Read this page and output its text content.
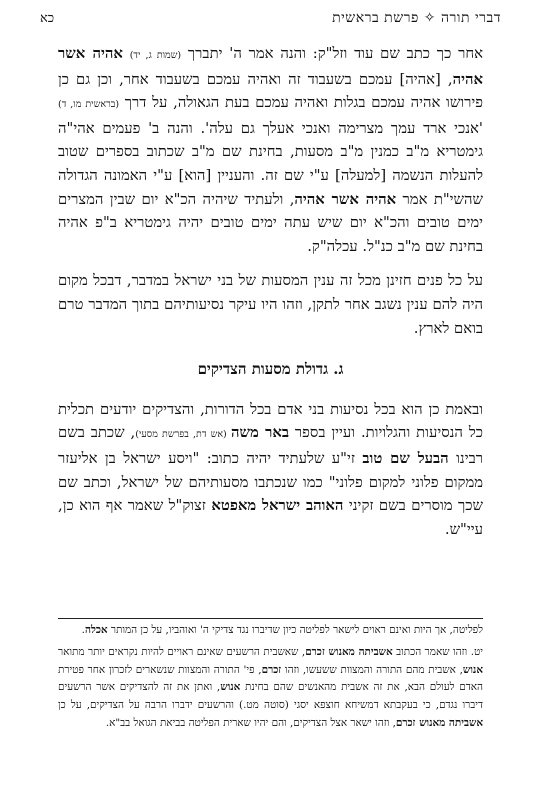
דברי תורה ✧ פרשת בראשית
כא

אחר כך כתב שם עוד וזל"ק: והנה אמר ה' יתברך (שמות ג, יד) אהיה אשר אהיה, [אהיה] עמכם בשעבוד זה ואהיה עמכם בשעבוד אחר, וכן גם כן פירושו אהיה עמכם בגלות ואהיה עמכם בעת הגאולה, על דרך (בראשית מו, ד) 'אנכי ארד עמך מצרימה ואנכי אעלך גם עלה'. והנה ב' פעמים אהי"ה גימטריא מ"ב כמנין מ"ב מסעות, בחינת שם מ"ב שכתוב בספרים שטוב להעלות הנשמה [למעלה] ע"י שם זה. והעניין [הוא] ע"י האמונה הגדולה שהשי"ת אמר אהיה אשר אהיה, ולעתיד שיהיה הכ"א יום שבין המצרים ימים טובים והכ"א יום שיש עתה ימים טובים יהיה גימטריא ב"פ אהיה בחינת שם מ"ב כנ"ל. עכלה"ק.

על כל פנים חזינן מכל זה ענין המסעות של בני ישראל במדבר, דבכל מקום היה להם ענין נשגב אחר לתקן, וזהו היו עיקר נסיעותיהם בתוך המדבר טרם בואם לארץ.

ג. גדולת מסעות הצדיקים

ובאמת כן הוא בכל נסיעות בני אדם בכל הדורות, והצדיקים יודעים תכלית כל הנסיעות והגלויות. ועיין בספר באר משה (אש דת, בפרשת מסעי), שכתב בשם רבינו הבעל שם טוב זי"ע שלעתיד יהיה כתוב: "ויסע ישראל בן אליעזר ממקום פלוני למקום פלוני" כמו שנכתבו מסעותיהם של ישראל, וכתב שם שכך מוסרים בשם זקיני האוהב ישראל מאפטא זצוק"ל שאמר אף הוא כן, עיי"ש.

לפליטה, אך היות ואינם ראוים לישאר לפליטה כיון שדיברו נגד צדיקי ה' ואוהביו, על כן המותר אכלה.

יט. וזהו שאמר הכתוב אשביתה מאנוש זכרם, שאשבית הרשעים שאינם ראויים להיות נקראים יותר מתואר אנוש, אשבית מהם התורה והמצוות ששעשו, וזהו זכרם, פי' התורה והמצוות שנשארים לזכרון אחר פטירת האדם לעולם הבא, את זה אשבית מהאנשים שהם בחינת אנוש, ואתן את זה להצדיקים אשר הרשעים דיברו נגדם, כי בעקבתא דמשיחא חוצפא יסגי (סוטה מט.) והרשעים ידברו הרבה על הצדיקים, על כן אשביתה מאנוש זכרם, וזהו ישאר אצל הצדיקים, והם יהיו שארית הפליטה בביאת הגואל בב"א.
